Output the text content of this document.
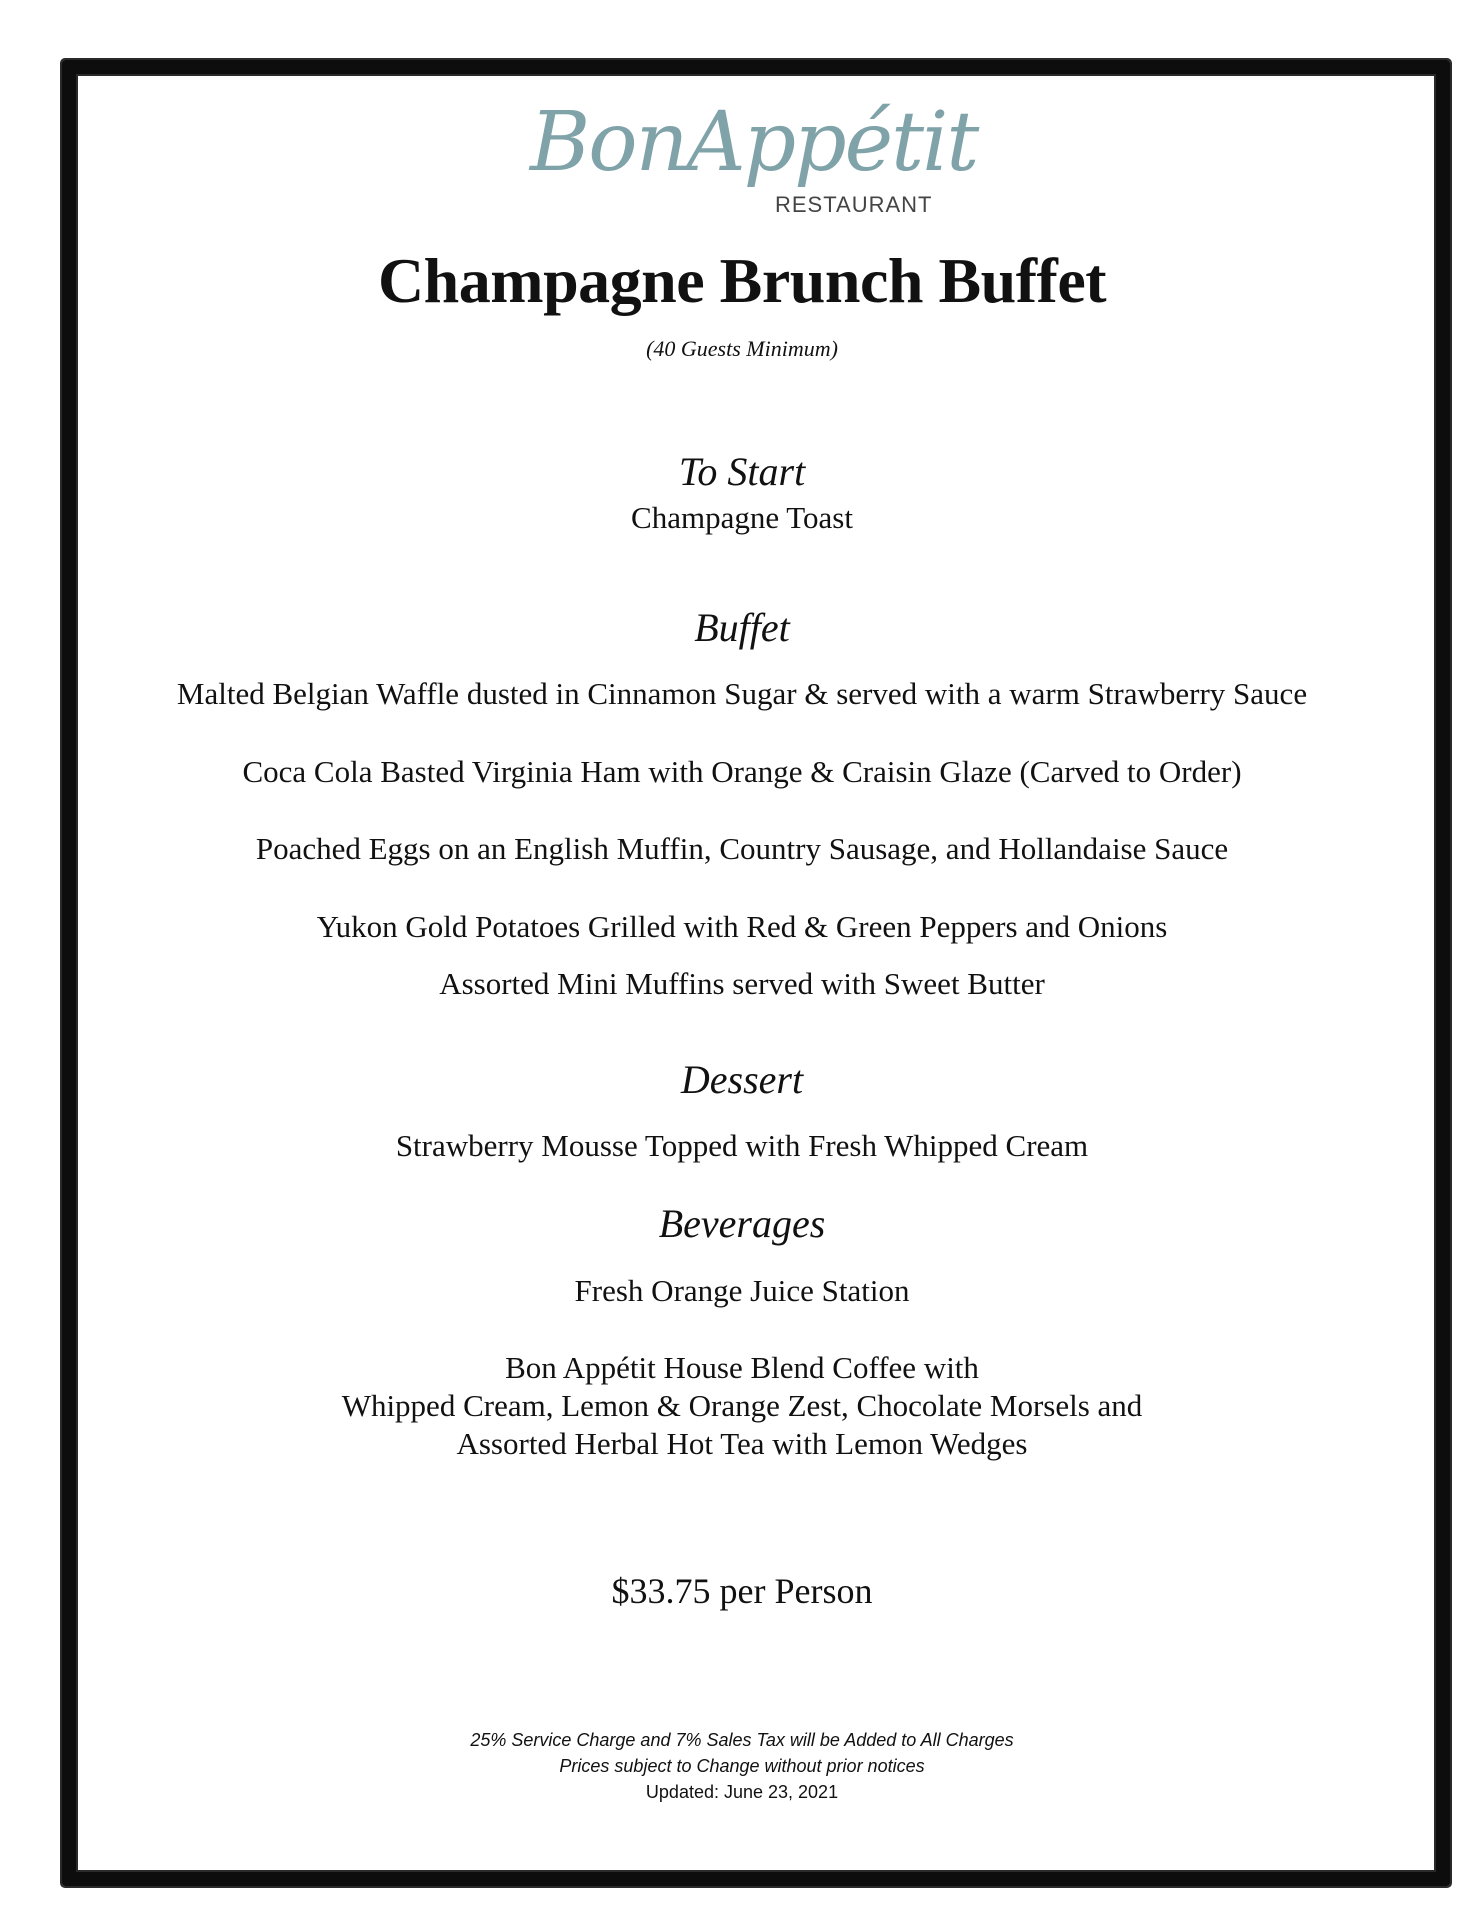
BonAppétit
RESTAURANT
Champagne Brunch Buffet
(40 Guests Minimum)
To Start
Champagne Toast
Buffet
Malted Belgian Waffle dusted in Cinnamon Sugar & served with a warm Strawberry Sauce
Coca Cola Basted Virginia Ham with Orange & Craisin Glaze (Carved to Order)
Poached Eggs on an English Muffin, Country Sausage, and Hollandaise Sauce
Yukon Gold Potatoes Grilled with Red & Green Peppers and Onions
Assorted Mini Muffins served with Sweet Butter
Dessert
Strawberry Mousse Topped with Fresh Whipped Cream
Beverages
Fresh Orange Juice Station
Bon Appétit House Blend Coffee with
Whipped Cream, Lemon & Orange Zest, Chocolate Morsels and
Assorted Herbal Hot Tea with Lemon Wedges
$33.75 per Person
25% Service Charge and 7% Sales Tax will be Added to All Charges
Prices subject to Change without prior notices
Updated: June 23, 2021
